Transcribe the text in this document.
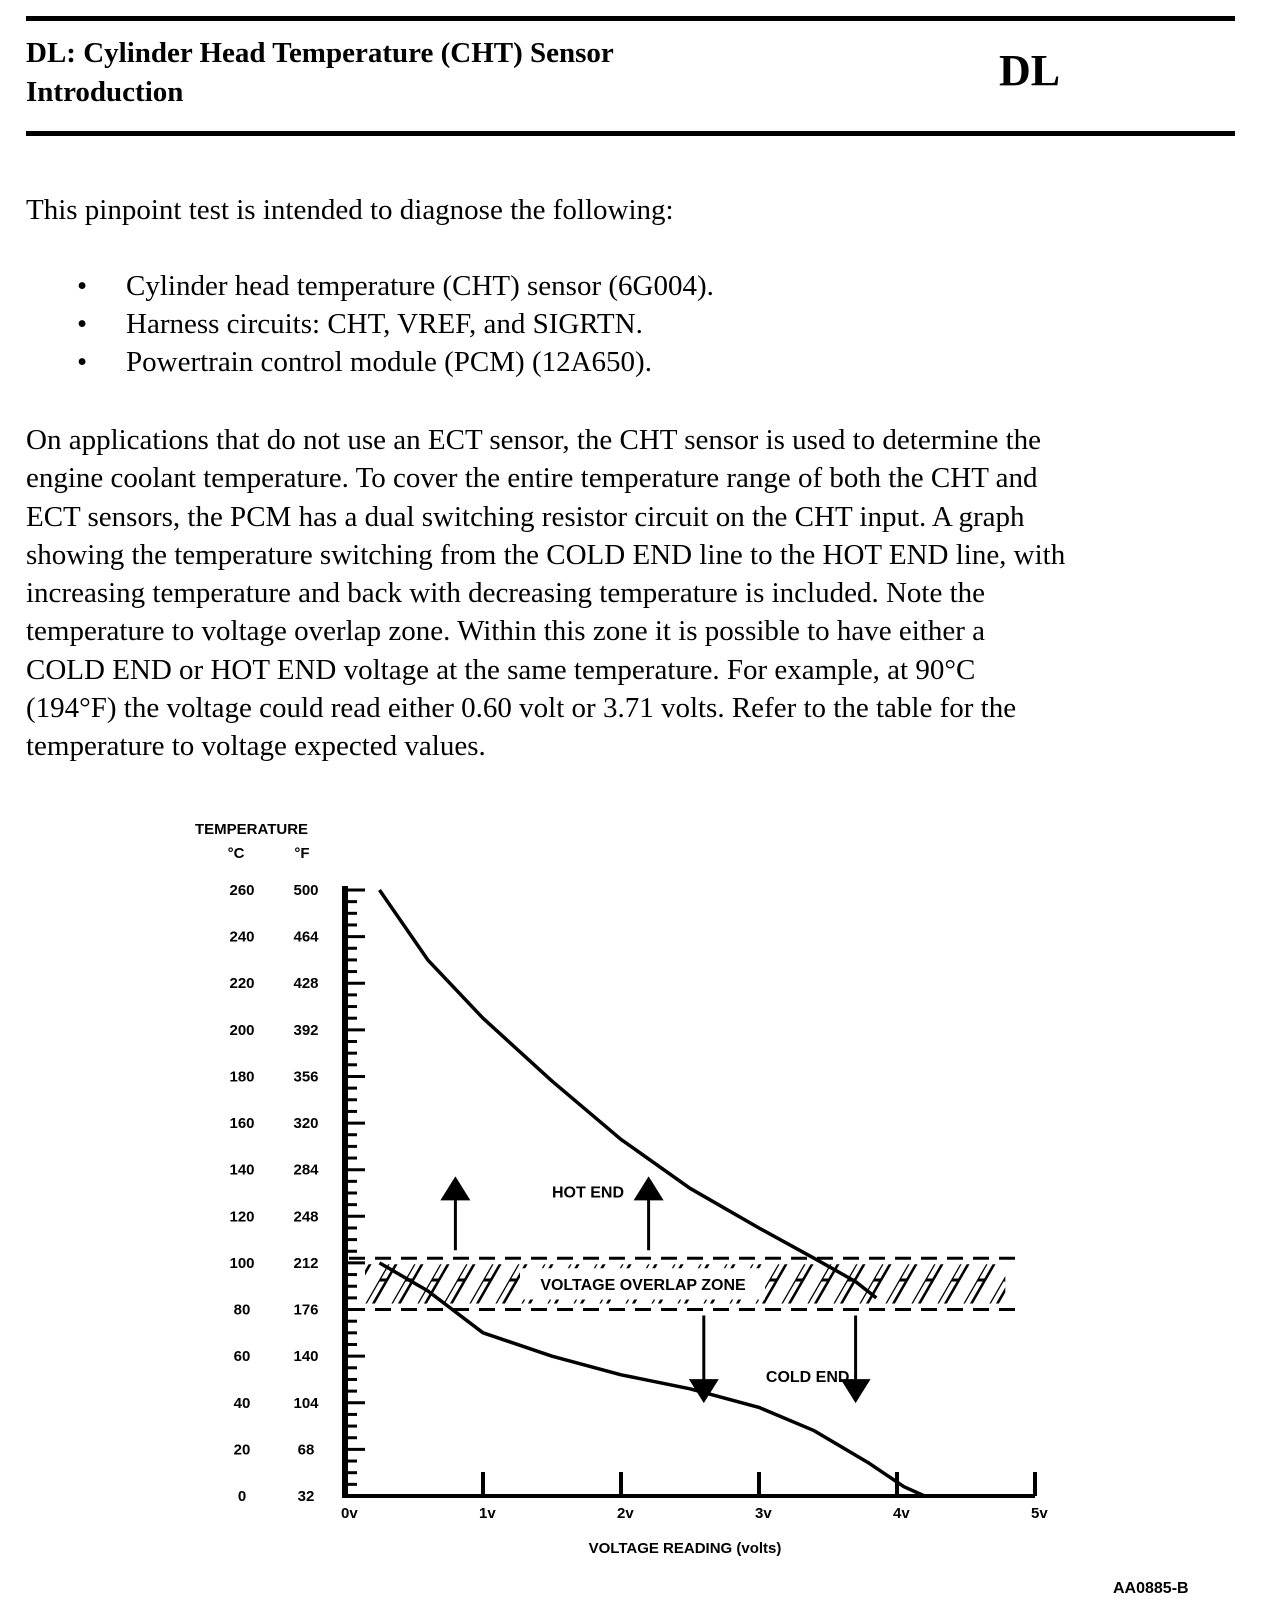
DL: Cylinder Head Temperature (CHT) Sensor
Introduction	DL

This pinpoint test is intended to diagnose the following:

• Cylinder head temperature (CHT) sensor (6G004).
• Harness circuits: CHT, VREF, and SIGRTN.
• Powertrain control module (PCM) (12A650).
On applications that do not use an ECT sensor, the CHT sensor is used to determine the
engine coolant temperature. To cover the entire temperature range of both the CHT and
ECT sensors, the PCM has a dual switching resistor circuit on the CHT input. A graph
showing the temperature switching from the COLD END line to the HOT END line, with
increasing temperature and back with decreasing temperature is included. Note the
temperature to voltage overlap zone. Within this zone it is possible to have either a
COLD END or HOT END voltage at the same temperature. For example, at 90°C
(194°F) the voltage could read either 0.60 volt or 3.71 volts. Refer to the table for the
temperature to voltage expected values.
TEMPERATURE
°C	°F
260
240
220
200
180
160
140
120
100
80
60
40
20
0
500
464
428
392
356
320
284
248
212
176
140
104
68
32
0v	1v	2v	3v	4v	5v
VOLTAGE OVERLAP ZONE
HOT END
COLD END
VOLTAGE READING (volts)
AA0885-B
